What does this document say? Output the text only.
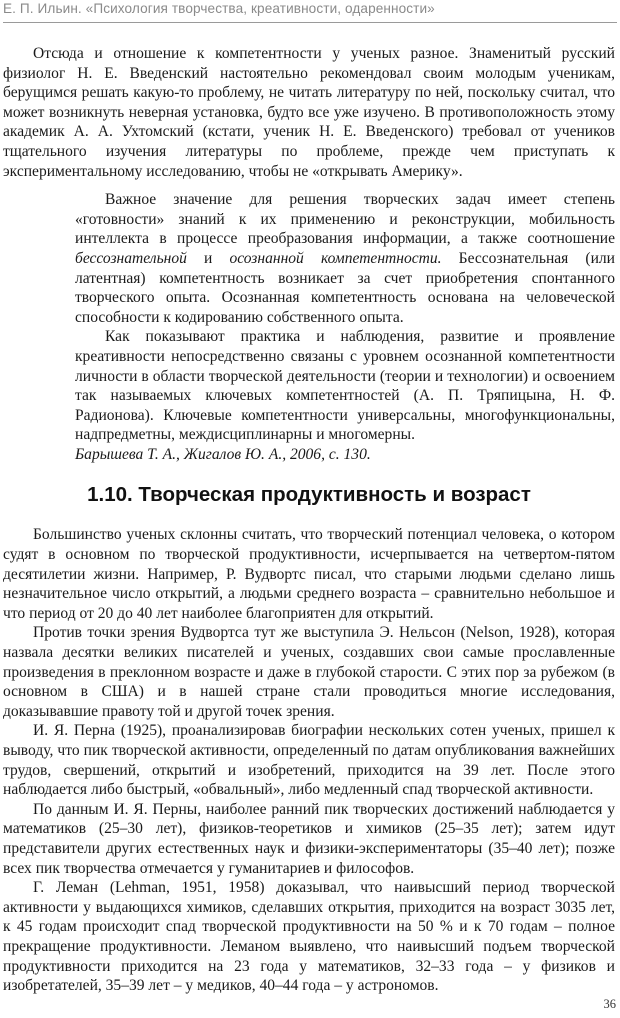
Е. П. Ильин. «Психология творчества, креативности, одаренности»

Отсюда и отношение к компетентности у ученых разное. Знаменитый русский физиолог Н. Е. Введенский настоятельно рекомендовал своим молодым ученикам, берущимся решать какую-то проблему, не читать литературу по ней, поскольку считал, что может возникнуть неверная установка, будто все уже изучено. В противоположность этому академик А. А. Ухтомский (кстати, ученик Н. Е. Введенского) требовал от учеников тщательного изучения литературы по проблеме, прежде чем приступать к экспериментальному исследованию, чтобы не «открывать Америку».

Важное значение для решения творческих задач имеет степень «готовности» знаний к их применению и реконструкции, мобильность интеллекта в процессе преобразования информации, а также соотношение бессознательной и осознанной компетентности. Бессознательная (или латентная) компетентность возникает за счет приобретения спонтанного творческого опыта. Осознанная компетентность основана на человеческой способности к кодированию собственного опыта.

Как показывают практика и наблюдения, развитие и проявление креативности непосредственно связаны с уровнем осознанной компетентности личности в области творческой деятельности (теории и технологии) и освоением так называемых ключевых компетентностей (А. П. Тряпицына, Н. Ф. Радионова). Ключевые компетентности универсальны, многофункциональны, надпредметны, междисциплинарны и многомерны.

Барышева Т. А., Жигалов Ю. А., 2006, с. 130.

1.10. Творческая продуктивность и возраст

Большинство ученых склонны считать, что творческий потенциал человека, о котором судят в основном по творческой продуктивности, исчерпывается на четвертом-пятом десятилетии жизни. Например, Р. Вудвортс писал, что старыми людьми сделано лишь незначительное число открытий, а людьми среднего возраста – сравнительно небольшое и что период от 20 до 40 лет наиболее благоприятен для открытий.

Против точки зрения Вудвортса тут же выступила Э. Нельсон (Nelson, 1928), которая назвала десятки великих писателей и ученых, создавших свои самые прославленные произведения в преклонном возрасте и даже в глубокой старости. С этих пор за рубежом (в основном в США) и в нашей стране стали проводиться многие исследования, доказывавшие правоту той и другой точек зрения.

И. Я. Перна (1925), проанализировав биографии нескольких сотен ученых, пришел к выводу, что пик творческой активности, определенный по датам опубликования важнейших трудов, свершений, открытий и изобретений, приходится на 39 лет. После этого наблюдается либо быстрый, «обвальный», либо медленный спад творческой активности.

По данным И. Я. Перны, наиболее ранний пик творческих достижений наблюдается у математиков (25–30 лет), физиков-теоретиков и химиков (25–35 лет); затем идут представители других естественных наук и физики-экспериментаторы (35–40 лет); позже всех пик творчества отмечается у гуманитариев и философов.

Г. Леман (Lehman, 1951, 1958) доказывал, что наивысший период творческой активности у выдающихся химиков, сделавших открытия, приходится на возраст 3035 лет, к 45 годам происходит спад творческой продуктивности на 50 % и к 70 годам – полное прекращение продуктивности. Леманом выявлено, что наивысший подъем творческой продуктивности приходится на 23 года у математиков, 32–33 года – у физиков и изобретателей, 35–39 лет – у медиков, 40–44 года – у астрономов.

36
